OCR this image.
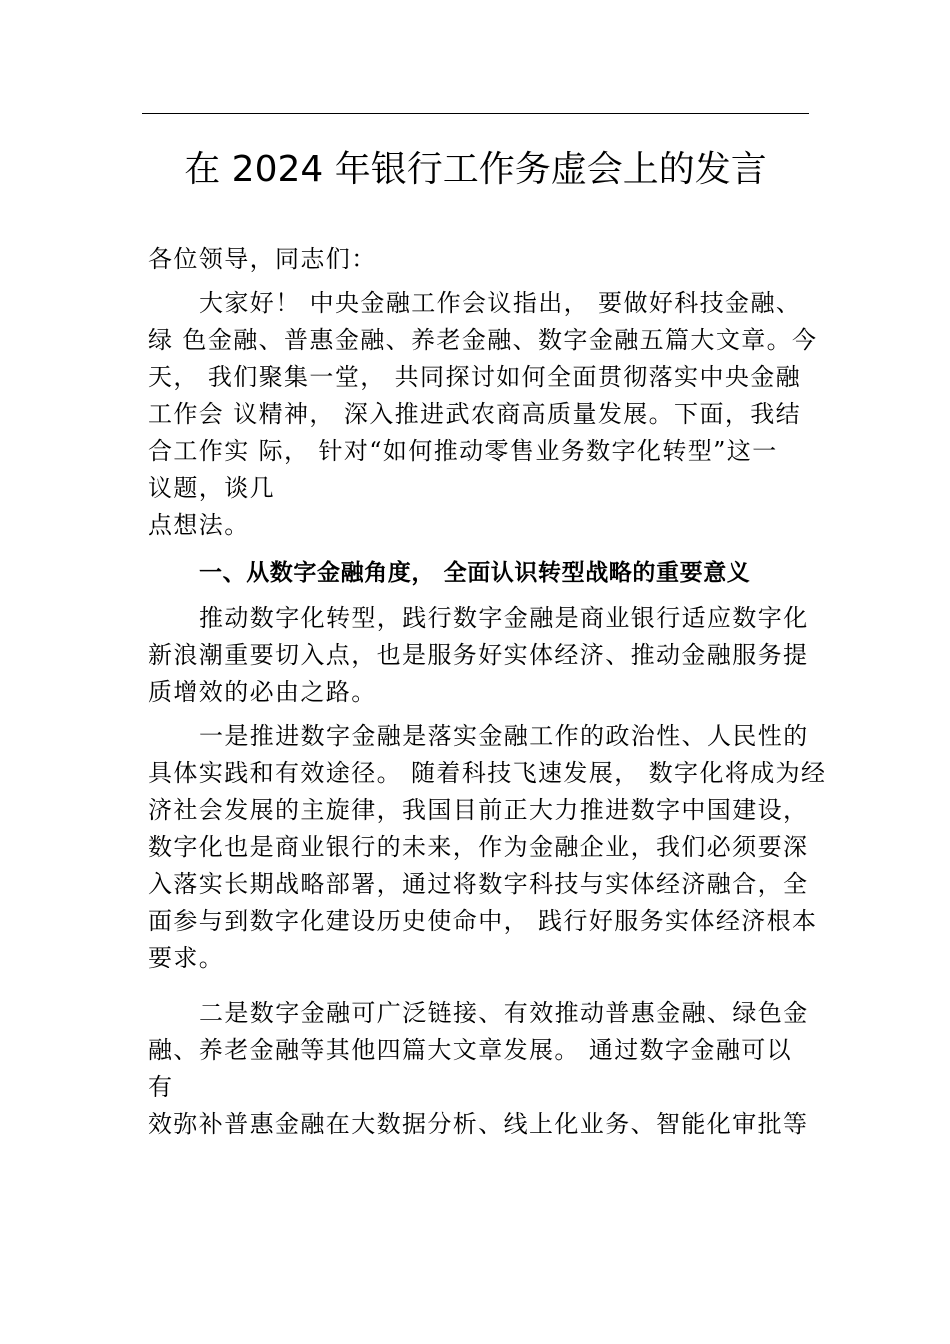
在 2024 年银行工作务虚会上的发言
各位领导，同志们：
大家好！ 中央金融工作会议指出， 要做好科技金融、
绿 色金融、普惠金融、养老金融、数字金融五篇大文章。今
天， 我们聚集一堂， 共同探讨如何全面贯彻落实中央金融
工作会 议精神， 深入推进武农商高质量发展。下面，我结
合工作实 际， 针对“如何推动零售业务数字化转型”这一
议题，谈几
点想法。
一、从数字金融角度， 全面认识转型战略的重要意义
推动数字化转型，践行数字金融是商业银行适应数字化
新浪潮重要切入点，也是服务好实体经济、推动金融服务提
质增效的必由之路。
一是推进数字金融是落实金融工作的政治性、人民性的
具体实践和有效途径。 随着科技飞速发展， 数字化将成为经
济社会发展的主旋律，我国目前正大力推进数字中国建设，
数字化也是商业银行的未来，作为金融企业，我们必须要深
入落实长期战略部署，通过将数字科技与实体经济融合，全
面参与到数字化建设历史使命中， 践行好服务实体经济根本
要求。
二是数字金融可广泛链接、有效推动普惠金融、绿色金
融、养老金融等其他四篇大文章发展。 通过数字金融可以
有
效弥补普惠金融在大数据分析、线上化业务、智能化审批等
